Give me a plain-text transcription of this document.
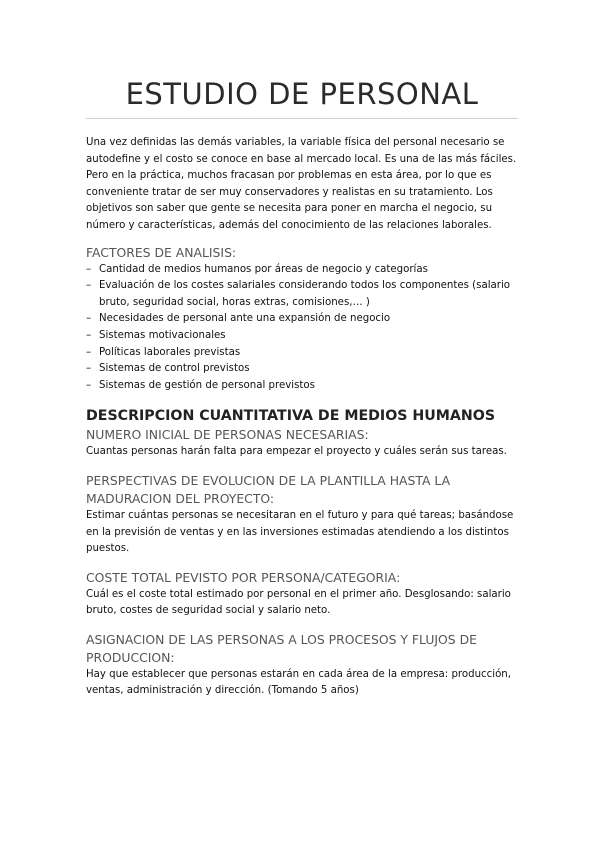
ESTUDIO DE PERSONAL

Una vez definidas las demás variables, la variable física del personal necesario se autodefine y el costo se conoce en base al mercado local. Es una de las más fáciles.

Pero en la práctica, muchos fracasan por problemas en esta área, por lo que es conveniente tratar de ser muy conservadores y realistas en su tratamiento. Los objetivos son saber que gente se necesita para poner en marcha el negocio, su número y características, además del conocimiento de las relaciones laborales.

FACTORES DE ANALISIS:
– Cantidad de medios humanos por áreas de negocio y categorías
– Evaluación de los costes salariales considerando todos los componentes (salario bruto, seguridad social, horas extras, comisiones,… )
– Necesidades de personal ante una expansión de negocio
– Sistemas motivacionales
– Políticas laborales previstas
– Sistemas de control previstos
– Sistemas de gestión de personal previstos
DESCRIPCION CUANTITATIVA DE MEDIOS HUMANOS
NUMERO INICIAL DE PERSONAS NECESARIAS:

Cuantas personas harán falta para empezar el proyecto y cuáles serán sus tareas.

PERSPECTIVAS DE EVOLUCION DE LA PLANTILLA HASTA LA MADURACION DEL PROYECTO:

Estimar cuántas personas se necesitaran en el futuro y para qué tareas; basándose en la previsión de ventas y en las inversiones estimadas atendiendo a los distintos puestos.

COSTE TOTAL PEVISTO POR PERSONA/CATEGORIA:

Cuál es el coste total estimado por personal en el primer año. Desglosando: salario bruto, costes de seguridad social y salario neto.

ASIGNACION DE LAS PERSONAS A LOS PROCESOS Y FLUJOS DE PRODUCCION:

Hay que establecer que personas estarán en cada área de la empresa: producción, ventas, administración y dirección. (Tomando 5 años)
